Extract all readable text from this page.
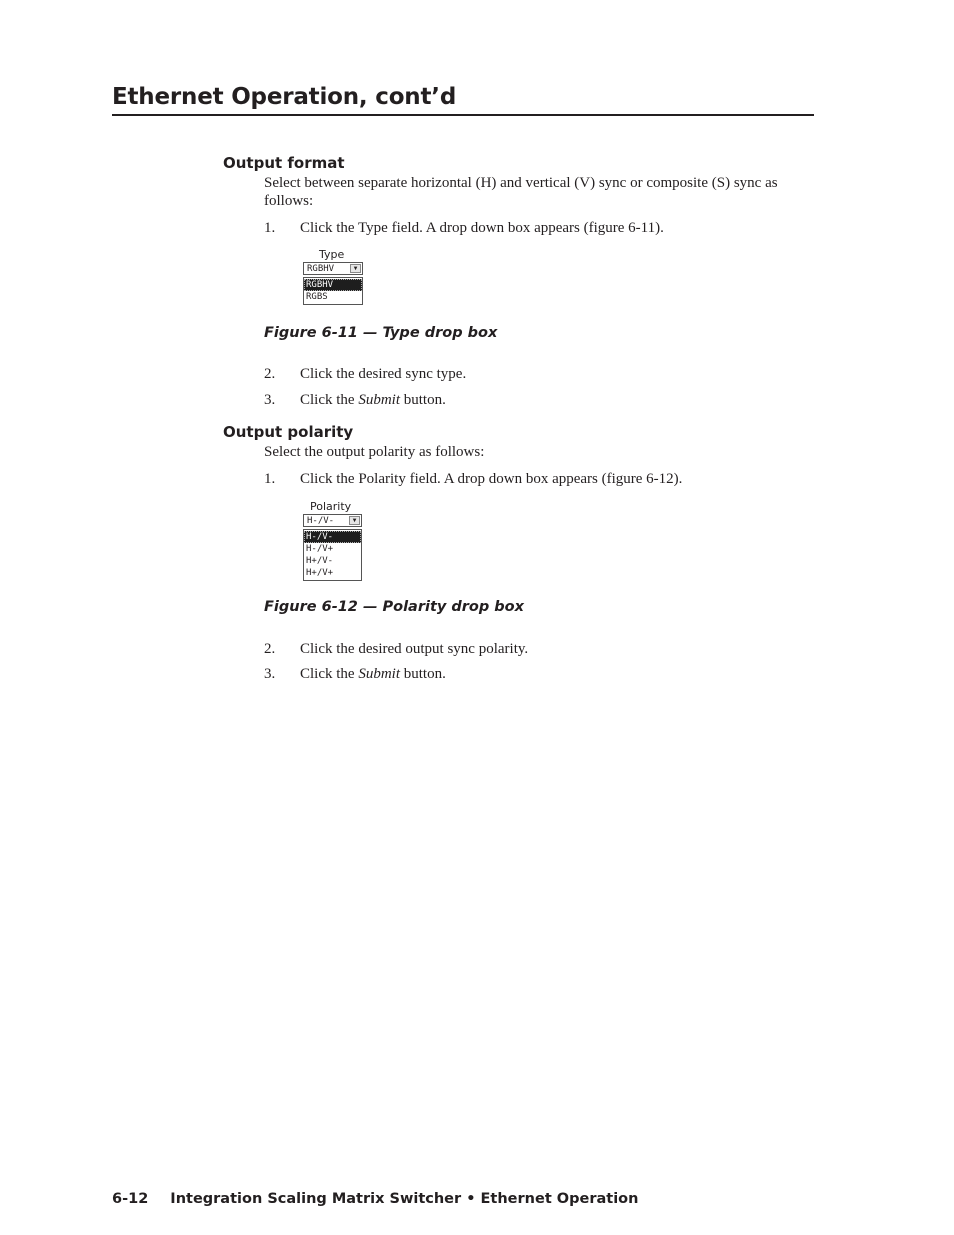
Ethernet Operation, cont’d
Output format
Select between separate horizontal (H) and vertical (V) sync or composite (S) sync as follows:
1. Click the Type field. A drop down box appears (figure 6-11).
Type
RGBHV	▼
RGBHV
RGBS
Figure 6-11 — Type drop box
2. Click the desired sync type.
3. Click the Submit button.
Output polarity
Select the output polarity as follows:
1. Click the Polarity field. A drop down box appears (figure 6-12).
Polarity
H-/V-	▼
H-/V-
H-/V+
H+/V-
H+/V+
Figure 6-12 — Polarity drop box
2. Click the desired output sync polarity.
3. Click the Submit button.
6-12 Integration Scaling Matrix Switcher • Ethernet Operation
